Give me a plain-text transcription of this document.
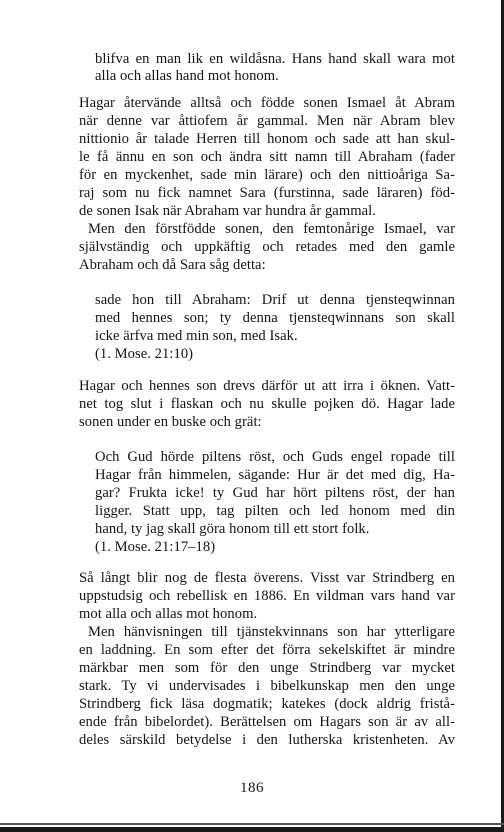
blifva en man lik en wildåsna. Hans hand skall wara mot
alla och allas hand mot honom.
Hagar återvände alltså och födde sonen Ismael åt Abram
när denne var åttiofem år gammal. Men när Abram blev
nittionio år talade Herren till honom och sade att han skul-
le få ännu en son och ändra sitt namn till Abraham (fader
för en myckenhet, sade min lärare) och den nittioåriga Sa-
raj som nu fick namnet Sara (furstinna, sade läraren) föd-
de sonen Isak när Abraham var hundra år gammal.
Men den förstfödde sonen, den femtonårige Ismael, var
självständig och uppkäftig och retades med den gamle
Abraham och då Sara såg detta:
sade hon till Abraham: Drif ut denna tjensteqwinnan
med hennes son; ty denna tjensteqwinnans son skall
icke ärfva med min son, med Isak.
(1. Mose. 21:10)
Hagar och hennes son drevs därför ut att irra i öknen. Vatt-
net tog slut i flaskan och nu skulle pojken dö. Hagar lade
sonen under en buske och grät:
Och Gud hörde piltens röst, och Guds engel ropade till
Hagar från himmelen, sägande: Hur är det med dig, Ha-
gar? Frukta icke! ty Gud har hört piltens röst, der han
ligger. Statt upp, tag pilten och led honom med din
hand, ty jag skall göra honom till ett stort folk.
(1. Mose. 21:17–18)
Så långt blir nog de flesta överens. Visst var Strindberg en
uppstudsig och rebellisk en 1886. En vildman vars hand var
mot alla och allas mot honom.
Men hänvisningen till tjänstekvinnans son har ytterligare
en laddning. En som efter det förra sekelskiftet är mindre
märkbar men som för den unge Strindberg var mycket
stark. Ty vi undervisades i bibelkunskap men den unge
Strindberg fick läsa dogmatik; katekes (dock aldrig fristå-
ende från bibelordet). Berättelsen om Hagars son är av all-
deles särskild betydelse i den lutherska kristenheten. Av
186
